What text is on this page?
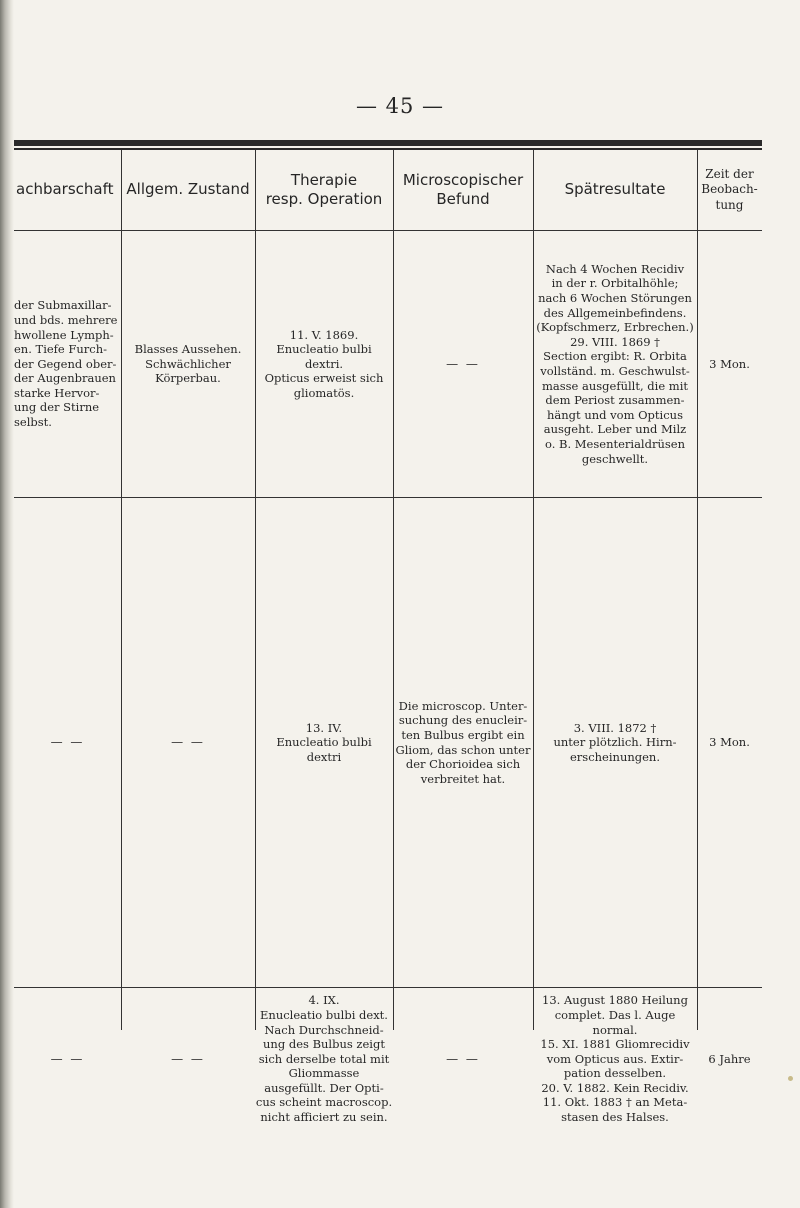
— 45 —
achbarschaft Allgem. Zustand
Therapie
resp. Operation
Microscopischer
Befund
Spätresultate
Zeit der
Beobach-
tung
der Submaxillar-
und bds. mehrere
hwollene Lymph-
en. Tiefe Furch-
der Gegend ober-
der Augenbrauen
starke Hervor-
ung der Stirne
selbst.
Blasses Aussehen.
Schwächlicher
Körperbau.
11. V. 1869.
Enucleatio bulbi
dextri.
Opticus erweist sich
gliomatös.
— —
Nach 4 Wochen Recidiv
in der r. Orbitalhöhle;
nach 6 Wochen Störungen
des Allgemeinbefindens.
(Kopfschmerz, Erbrechen.)
29. VIII. 1869 †
Section ergibt: R. Orbita
vollständ. m. Geschwulst-
masse ausgefüllt, die mit
dem Periost zusammen-
hängt und vom Opticus
ausgeht. Leber und Milz
o. B. Mesenterialdrüsen
geschwellt.
3 Mon.
— —	— —
13. IV.
Enucleatio bulbi
dextri
Die microscop. Unter-
suchung des enucleir-
ten Bulbus ergibt ein
Gliom, das schon unter
der Chorioidea sich
verbreitet hat.
3. VIII. 1872 †
unter plötzlich. Hirn-
erscheinungen.
3 Mon.
— —	— —
4. IX.
Enucleatio bulbi dext.
Nach Durchschneid-
ung des Bulbus zeigt
sich derselbe total mit
Gliommasse
ausgefüllt. Der Opti-
cus scheint macroscop.
nicht afficiert zu sein.
— —
13. August 1880 Heilung
complet. Das l. Auge
normal.
15. XI. 1881 Gliomrecidiv
vom Opticus aus. Extir-
pation desselben.
20. V. 1882. Kein Recidiv.
11. Okt. 1883 † an Meta-
stasen des Halses.
6 Jahre
